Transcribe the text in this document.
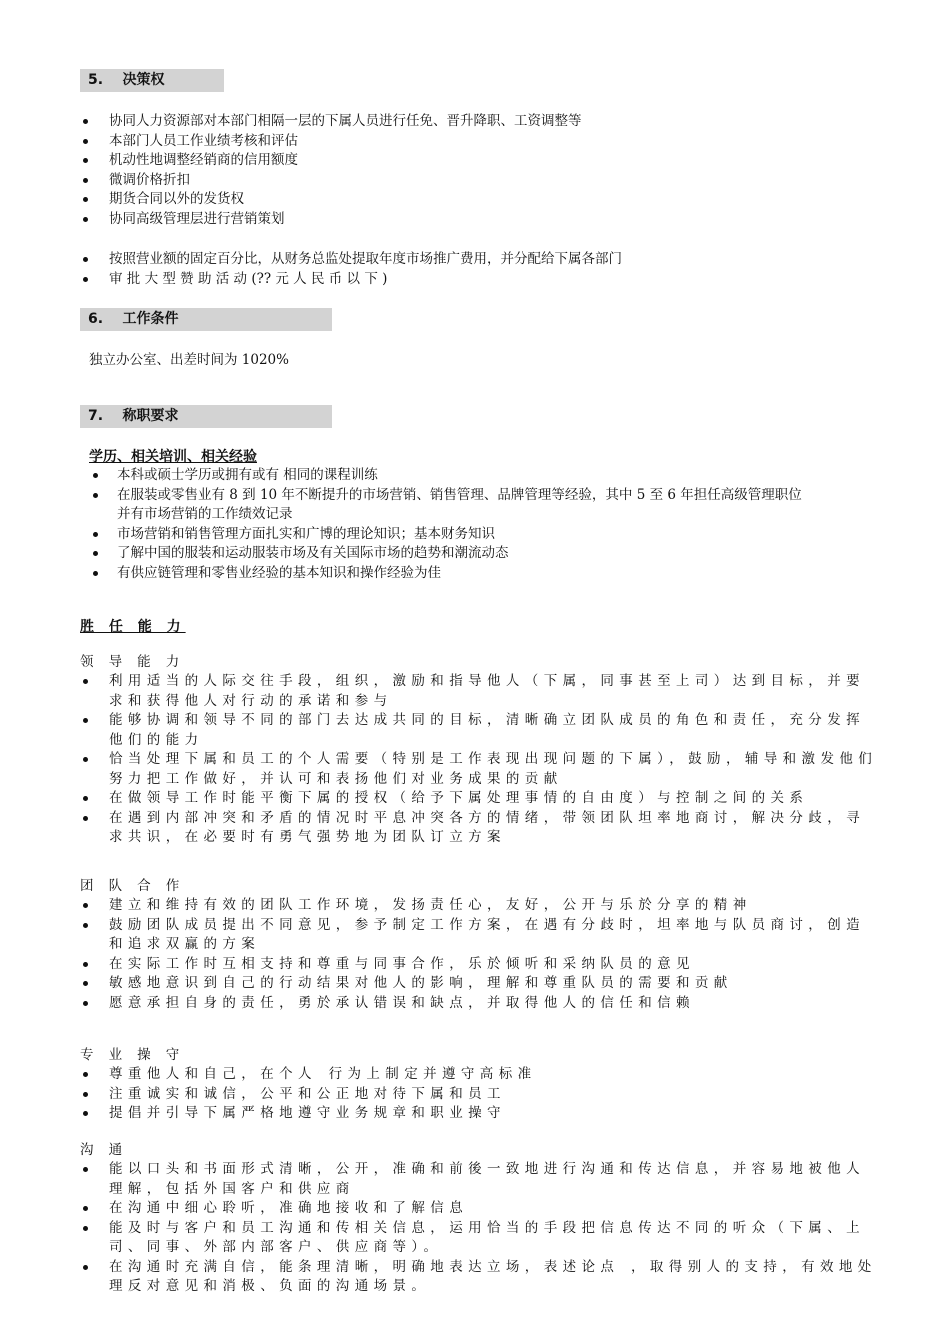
5.    决策权
协同人力资源部对本部门相隔一层的下属人员进行任免、晋升降职、工资调整等
本部门人员工作业绩考核和评估
机动性地调整经销商的信用额度
微调价格折扣
期货合同以外的发货权
协同高级管理层进行营销策划
按照营业额的固定百分比，从财务总监处提取年度市场推广费用，并分配给下属各部门
审 批 大 型 赞 助 活 动 (?? 元 人 民 币 以 下 )
6.    工作条件
独立办公室、出差时间为 1020%
7.    称职要求
学历、相关培训、相关经验
本科或硕士学历或拥有或有 相同的课程训练
在服装或零售业有 8 到 10 年不断提升的市场营销、销售管理、品牌管理等经验，其中 5 至 6 年担任高级管理职位并有市场营销的工作绩效记录
市场营销和销售管理方面扎实和广博的理论知识；基本财务知识
了解中国的服装和运动服装市场及有关国际市场的趋势和潮流动态
有供应链管理和零售业经验的基本知识和操作经验为佳
胜 任 能 力
领 导 能 力
利用适当的人际交往手段，组织，激励和指导他人（下属，同事甚至上司）达到目标，并要求和获得他人对行动的承诺和参与
能够协调和领导不同的部门去达成共同的目标，清晰确立团队成员的角色和责任，充分发挥他们的能力
恰当处理下属和员工的个人需要（特别是工作表现出现问题的下属），鼓励，辅导和激发他们努力把工作做好，并认可和表扬他们对业务成果的贡献
在做领导工作时能平衡下属的授权（给予下属处理事情的自由度）与控制之间的关系
在遇到内部冲突和矛盾的情况时平息冲突各方的情绪，带领团队坦率地商讨，解决分歧，寻求共识，在必要时有勇气强势地为团队订立方案
团 队 合 作
建立和维持有效的团队工作环境，发扬责任心，友好，公开与乐於分享的精神
鼓励团队成员提出不同意见，参予制定工作方案，在遇有分歧时，坦率地与队员商讨，创造和追求双赢的方案
在实际工作时互相支持和尊重与同事合作，乐於倾听和采纳队员的意见
敏感地意识到自己的行动结果对他人的影响，理解和尊重队员的需要和贡献
愿意承担自身的责任，勇於承认错误和缺点，并取得他人的信任和信赖
专 业 操 守
尊重他人和自己，在个人 行为上制定并遵守高标准
注重诚实和诚信，公平和公正地对待下属和员工
提倡并引导下属严格地遵守业务规章和职业操守
沟 通
能以口头和书面形式清晰，公开，准确和前後一致地进行沟通和传达信息，并容易地被他人理解，包括外国客户和供应商
在沟通中细心聆听，准确地接收和了解信息
能及时与客户和员工沟通和传相关信息，运用恰当的手段把信息传达不同的听众（下属、上司、同事、外部内部客户、供应商等）。
在沟通时充满自信，能条理清晰，明确地表达立场，表述论点 ，取得别人的支持，有效地处理反对意见和消极、负面的沟通场景。
